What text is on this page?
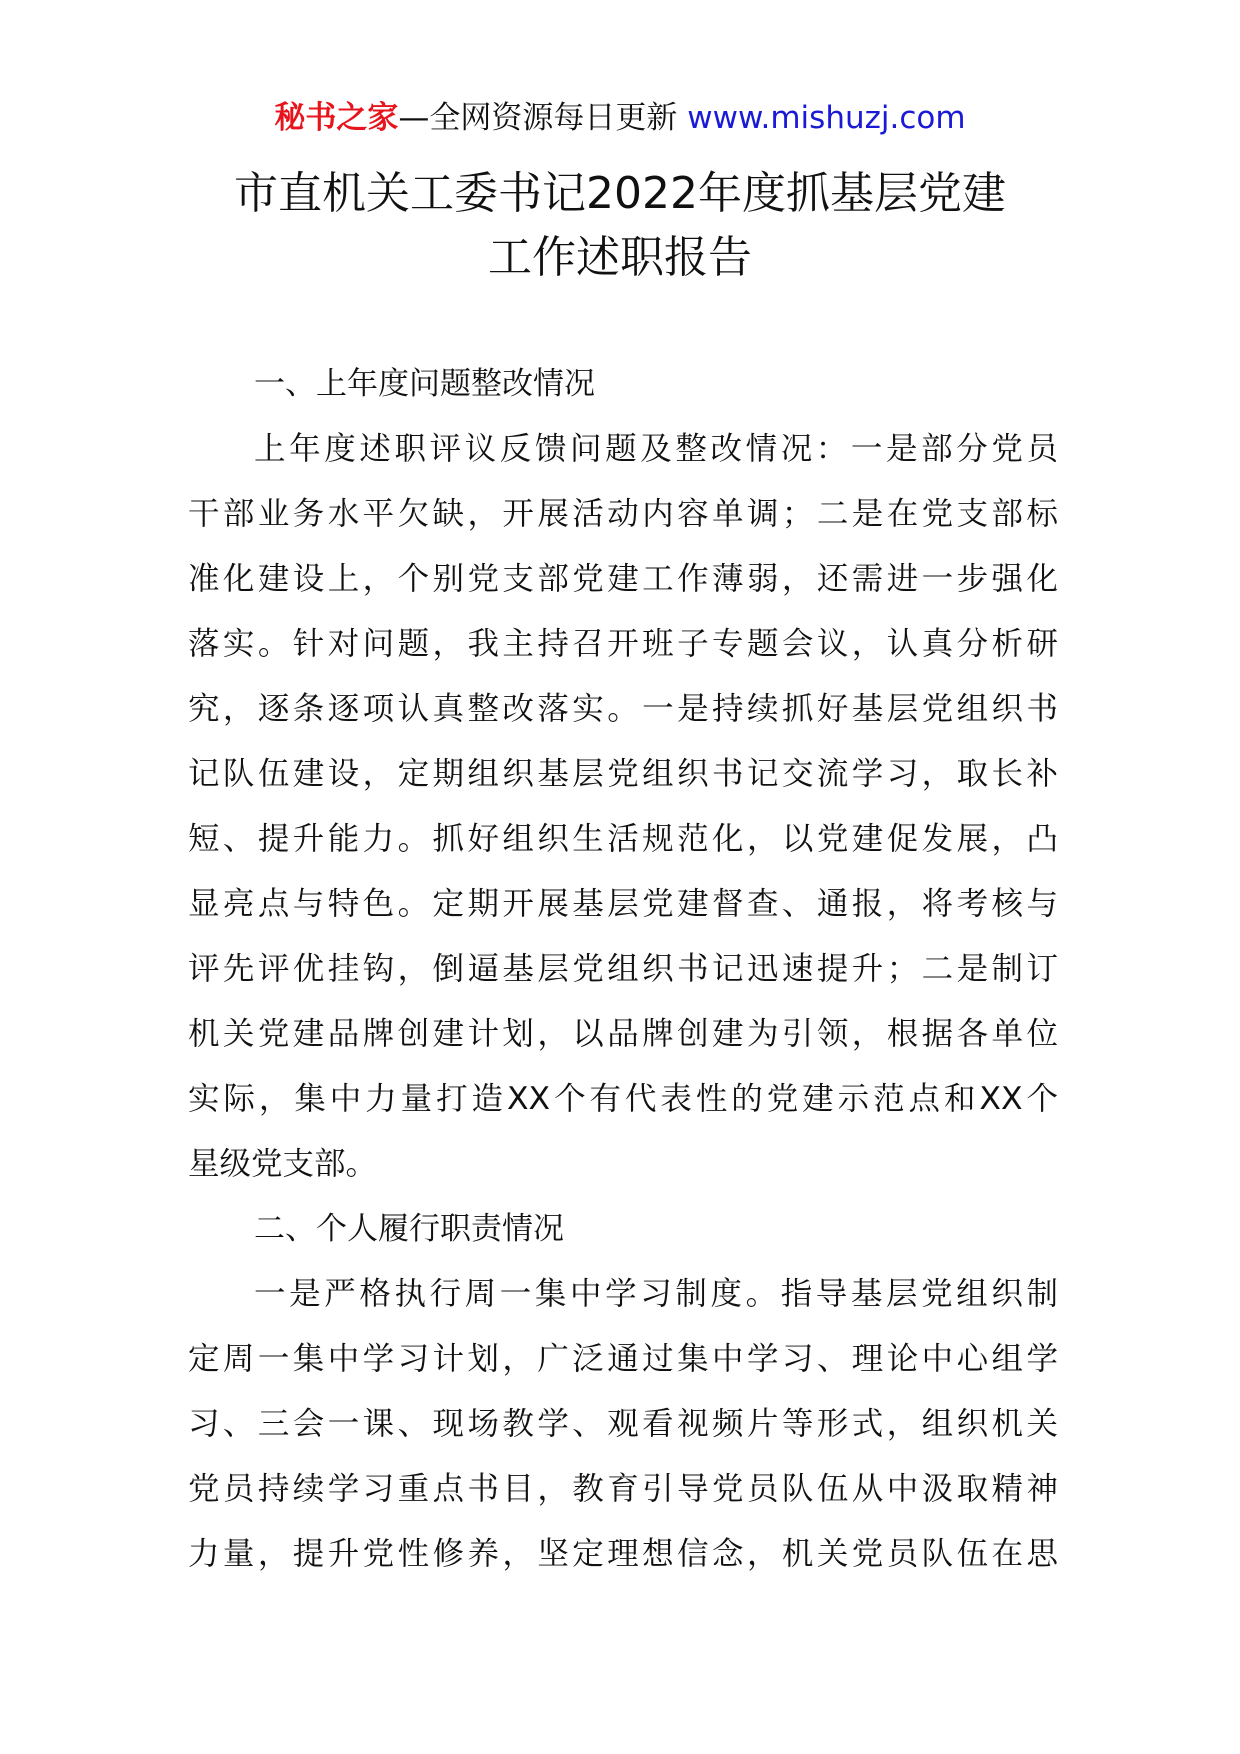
秘书之家—全网资源每日更新 www.mishuzj.com
市直机关工委书记2022年度抓基层党建
工作述职报告
一、上年度问题整改情况
上年度述职评议反馈问题及整改情况：一是部分党员
干部业务水平欠缺，开展活动内容单调；二是在党支部标
准化建设上，个别党支部党建工作薄弱，还需进一步强化
落实。针对问题，我主持召开班子专题会议，认真分析研
究，逐条逐项认真整改落实。一是持续抓好基层党组织书
记队伍建设，定期组织基层党组织书记交流学习，取长补
短、提升能力。抓好组织生活规范化，以党建促发展，凸
显亮点与特色。定期开展基层党建督查、通报，将考核与
评先评优挂钩，倒逼基层党组织书记迅速提升；二是制订
机关党建品牌创建计划，以品牌创建为引领，根据各单位
实际，集中力量打造XX个有代表性的党建示范点和XX个
星级党支部。
二、个人履行职责情况
一是严格执行周一集中学习制度。指导基层党组织制
定周一集中学习计划，广泛通过集中学习、理论中心组学
习、三会一课、现场教学、观看视频片等形式，组织机关
党员持续学习重点书目，教育引导党员队伍从中汲取精神
力量，提升党性修养，坚定理想信念，机关党员队伍在思
